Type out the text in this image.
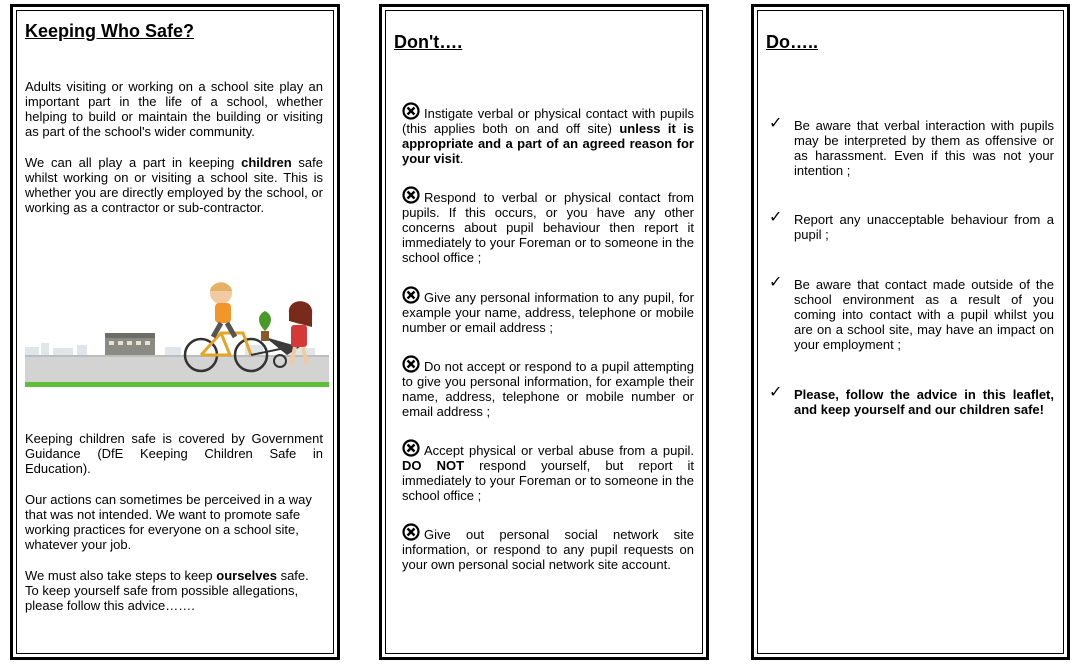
Keeping Who Safe?
Adults visiting or working on a school site play an important part in the life of a school, whether helping to build or maintain the building or visiting as part of the school's wider community.
We can all play a part in keeping children safe whilst working on or visiting a school site. This is whether you are directly employed by the school, or working as a contractor or sub-contractor.
Keeping children safe is covered by Government Guidance (DfE Keeping Children Safe in Education).
Our actions can sometimes be perceived in a way that was not intended. We want to promote safe working practices for everyone on a school site, whatever your job.
We must also take steps to keep ourselves safe. To keep yourself safe from possible allegations, please follow this advice…….
Don't….
Instigate verbal or physical contact with pupils (this applies both on and off site) unless it is appropriate and a part of an agreed reason for your visit.
Respond to verbal or physical contact from pupils. If this occurs, or you have any other concerns about pupil behaviour then report it immediately to your Foreman or to someone in the school office ;
Give any personal information to any pupil, for example your name, address, telephone or mobile number or email address ;
Do not accept or respond to a pupil attempting to give you personal information, for example their name, address, telephone or mobile number or email address ;
Accept physical or verbal abuse from a pupil. DO NOT respond yourself, but report it immediately to your Foreman or to someone in the school office ;
Give out personal social network site information, or respond to any pupil requests on your own personal social network site account.
Do…..
✓ Be aware that verbal interaction with pupils may be interpreted by them as offensive or as harassment. Even if this was not your intention ;
✓ Report any unacceptable behaviour from a pupil ;
✓ Be aware that contact made outside of the school environment as a result of you coming into contact with a pupil whilst you are on a school site, may have an impact on your employment ;
✓ Please, follow the advice in this leaflet, and keep yourself and our children safe!
